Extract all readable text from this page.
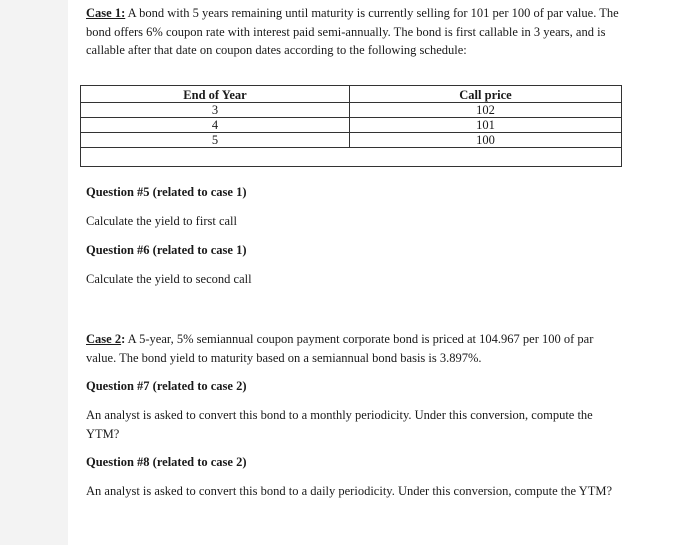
Case 1: A bond with 5 years remaining until maturity is currently selling for 101 per 100 of par value. The bond offers 6% coupon rate with interest paid semi-annually. The bond is first callable in 3 years, and is callable after that date on coupon dates according to the following schedule:

End of Year	Call price
3	102
4	101
5	100

Question #5 (related to case 1)

Calculate the yield to first call

Question #6 (related to case 1)

Calculate the yield to second call

Case 2: A 5-year, 5% semiannual coupon payment corporate bond is priced at 104.967 per 100 of par value. The bond yield to maturity based on a semiannual bond basis is 3.897%.

Question #7 (related to case 2)

An analyst is asked to convert this bond to a monthly periodicity. Under this conversion, compute the YTM?

Question #8 (related to case 2)

An analyst is asked to convert this bond to a daily periodicity. Under this conversion, compute the YTM?
